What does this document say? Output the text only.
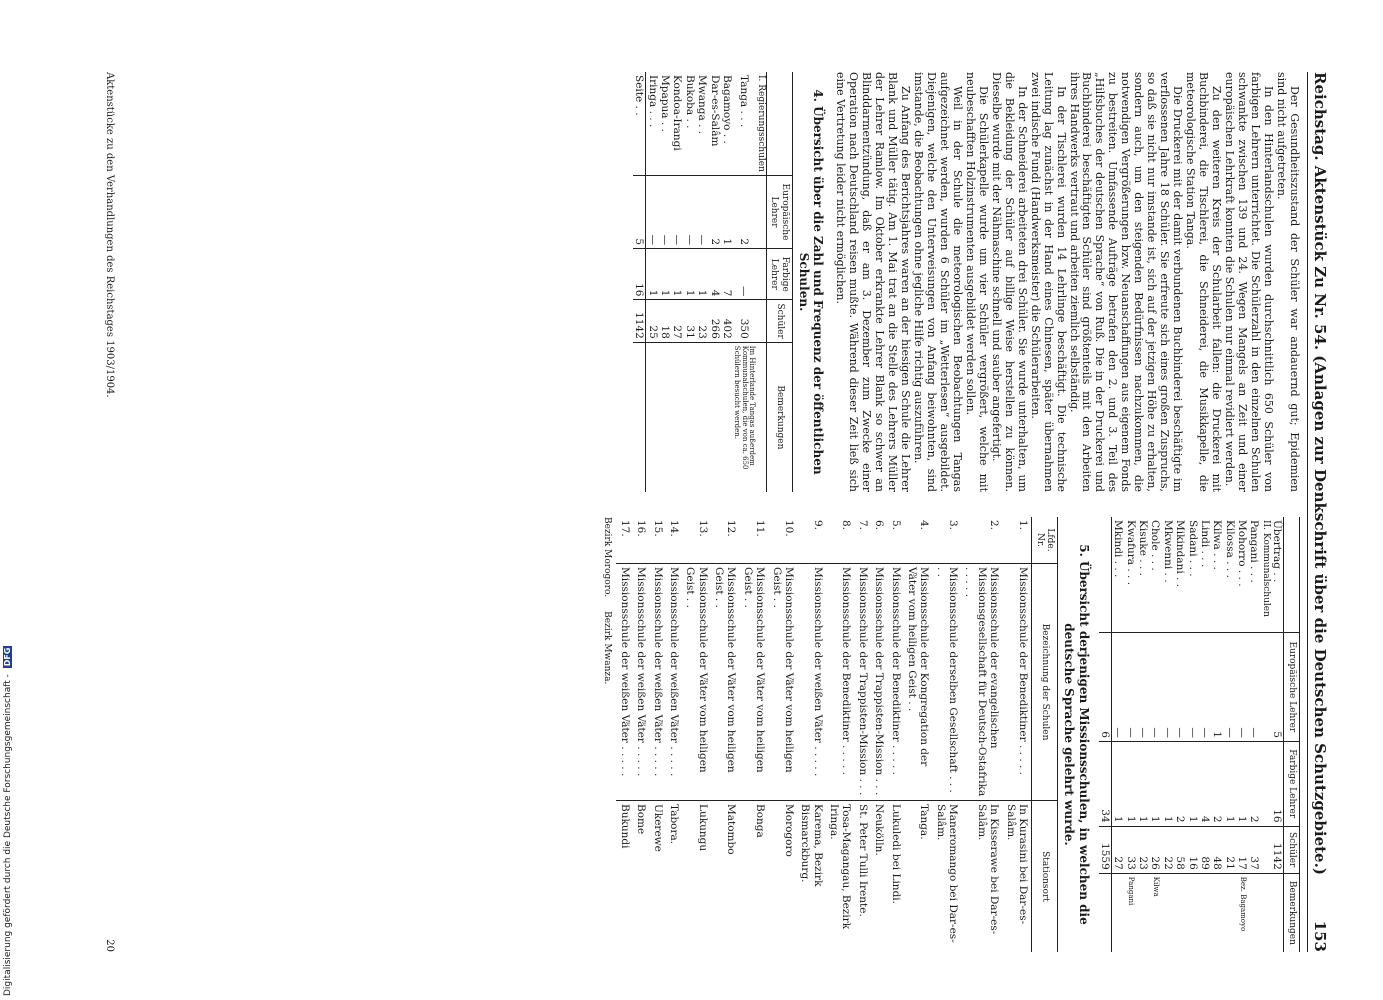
Reichstag. Aktenstück Zu Nr. 54. (Anlagen zur Denkschrift über die Deutschen Schutzgebiete.)
153

Der Gesundheitszustand der Schüler war andauernd gut; Epidemien sind nicht aufgetreten.

In den Hinterlandschulen wurden durchschnittlich 650 Schüler von farbigen Lehrern unterrichtet. Die Schülerzahl in den einzelnen Schulen schwankte zwischen 139 und 24. Wegen Mangels an Zeit und einer europäischen Lehrkraft konnten die Schulen nur einmal revidiert werden.

Zu den weiteren Kreis der Schularbeit fallen: die Druckerei mit Buchbinderei, die Tischlerei, die Schneiderei, die Musikkapelle, die meteorologische Station Tanga.

Die Druckerei mit der damit verbundenen Buchbinderei beschäftigte im verflossenen Jahre 18 Schüler. Sie erfreute sich eines großen Zuspruchs, so daß sie nicht nur imstande ist, sich auf der jetzigen Höhe zu erhalten, sondern auch, um den steigenden Bedürfnissen nachzukommen, die notwendigen Vergrößerungen bzw. Neuanschaffungen aus eigenem Fonds zu bestreiten. Umfassende Aufträge betrafen den 2. und 3. Teil des „Hilfsbuches der deutschen Sprache“ von Ruß. Die in der Druckerei und Buchbinderei beschäftigten Schüler sind größtenteils mit den Arbeiten ihres Handwerks vertraut und arbeiten ziemlich selbständig.

In der Tischlerei wurden 14 Lehrlinge beschäftigt. Die technische Leitung lag zunächst in der Hand eines Chinesen, später übernahmen zwei indische Fundi (Handwerksmeister) die Schülerarbeiten.

In der Schneiderei arbeiteten drei Schüler. Sie wurde unterhalten, um die Bekleidung der Schüler auf billige Weise herstellen zu können. Dieselbe wurde mit der Nähmaschine schnell und sauber angefertigt.

Die Schülerkapelle wurde um vier Schüler vergrößert, welche mit neubeschafften Holzinstrumenten ausgebildet werden sollen.

Weil in der Schule die meteorologischen Beobachtungen Tangas aufgezeichnet werden, wurden 6 Schüler im „Wetterlesen“ ausgebildet. Diejenigen, welche den Unterweisungen von Anfang beiwohnten, sind imstande, die Beobachtungen ohne jegliche Hilfe richtig auszuführen.

Zu Anfang des Berichtsjahres waren an der hiesigen Schule die Lehrer Blank und Müller tätig. Am 1. Mai trat an die Stelle des Lehrers Müller der Lehrer Ramlow. Im Oktober erkrankte Lehrer Blank so schwer an Blinddarmentzündung, daß er am 3. Dezember zum Zwecke einer Operation nach Deutschland reisen mußte. Während dieser Zeit ließ sich eine Vertretung leider nicht ermöglichen.

4. Übersicht über die Zahl und Frequenz der öffentlichen Schulen.
	Europäische Lehrer	Farbige Lehrer	Schüler	Bemerkungen
I. Regierungsschulen				
Tanga . . .	2	—	350	Im Hinterlande Tangas außerdem Kommunalschulen, die von ca. 650 Schülern besucht werden.
Bagamoyo . .	1	7	402	
Dar-es-Salâm	2	4	266	
Mwanga . .	—	1	23	
Bukoba . .	—	1	31	
Kondoa-Irangi	—	1	27	
Mpapua . .	—	1	18	
Iringa . . .	—	1	25	
Seite . .	5	16	1142	
	Europäische Lehrer	Farbige Lehrer	Schüler	Bemerkungen
Übertrag . .	5	16	1142	
II. Kommunalschulen				
Pangani . . .	—	2	37	
Mohorro . . .	—	1	17	Bez. Bagamoyo
Kilossa . . .	—	1	21	
Kilwa . . .	1	2	48	
Lindi . . .	—	4	89	
Sadani . . .	—	1	16	
Mikindani . .	—	2	58	
Mkwenni . .	—	1	22	
Chole . . .	—	1	26	Kilwa
Kisuke . . .	—	1	23	
Kwafura . . .	—	1	33	Pangani
Mkindi . . .	—	1	27	
	6	34	1559	
5. Übersicht derjenigen Missionsschulen, in welchen die deutsche Sprache gelehrt wurde.
Lfde. Nr.	Bezeichnung der Schulen	Stationsort
1.	Missionsschule der Benediktiner . . . . .	In Kurasini bei Dar-es-Salâm.
2.	Missionsschule der evangelischen Missionsgesellschaft für Deutsch-Ostafrika . . . . .	In Kisserawe bei Dar-es-Salâm.
3.	Missionsschule derselben Gesellschaft . . . . .	Maneromango bei Dar-es-Salâm.
4.	Missionsschule der Kongregation der Väter vom heiligen Geist . .	Tanga.
5.	Missionsschule der Benediktiner . . . . .	Lukuledi bei Lindi.
6.	Missionsschule der Trappisten-Mission . . .	Neukölln.
7.	Missionsschule der Trappisten-Mission . . .	St. Peter Tulli Irente.
8.	Missionsschule der Benediktiner . . . . .	Tosa-Magangau, Bezirk Iringa.
9.	Missionsschule der weißen Väter . . . . .	Karema, Bezirk Bismarckburg.
10.	Missionsschule der Väter vom heiligen Geist . .	Morogoro
11.	Missionsschule der Väter vom heiligen Geist . .	Bonga
12.	Missionsschule der Väter vom heiligen Geist . .	Matombo
13.	Missionsschule der Väter vom heiligen Geist . .	Lukungu
14.	Missionsschule der weißen Väter . . . . .	Tabora.
15.	Missionsschule der weißen Väter . . . . .	Ukerewe
16.	Missionsschule der weißen Väter . . . . .	Bome
17.	Missionsschule der weißen Väter . . . . .	Bukundi
Bezirk Morogoro.
Bezirk Mwanza.
Aktenstücke zu den Verhandlungen des Reichstages 1903/1904.
20
Digitalisierung gefördert durch die Deutsche Forschungsgemeinschaft - DFG
